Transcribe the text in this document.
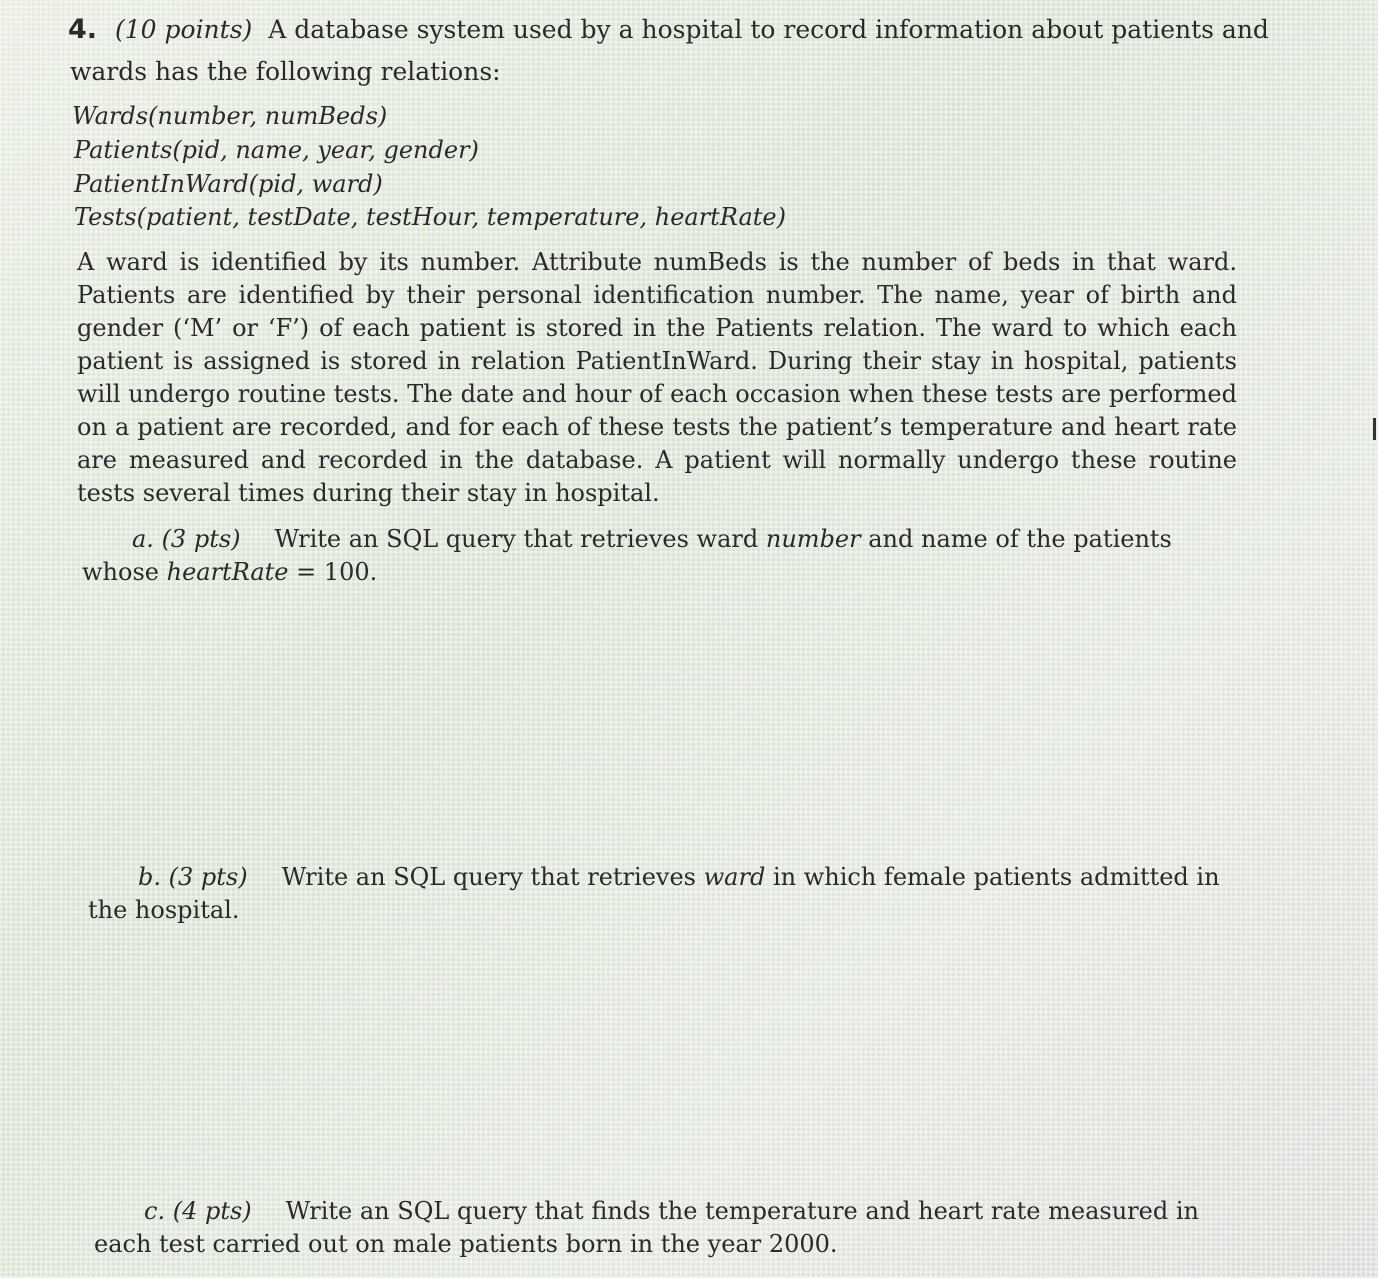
4. (10 points) A database system used by a hospital to record information about patients and
wards has the following relations:
Wards(number, numBeds)
Patients(pid, name, year, gender)
PatientInWard(pid, ward)
Tests(patient, testDate, testHour, temperature, heartRate)

A ward is identified by its number. Attribute numBeds is the number of beds in that ward. Patients are identified by their personal identification number. The name, year of birth and gender (‘M’ or ‘F’) of each patient is stored in the Patients relation. The ward to which each patient is assigned is stored in relation PatientInWard. During their stay in hospital, patients will undergo routine tests. The date and hour of each occasion when these tests are performed on a patient are recorded, and for each of these tests the patient’s temperature and heart rate are measured and recorded in the database. A patient will normally undergo these routine tests several times during their stay in hospital.

a. (3 pts) Write an SQL query that retrieves ward number and name of the patients whose heartRate = 100.

b. (3 pts) Write an SQL query that retrieves ward in which female patients admitted in the hospital.

c. (4 pts) Write an SQL query that finds the temperature and heart rate measured in each test carried out on male patients born in the year 2000.
